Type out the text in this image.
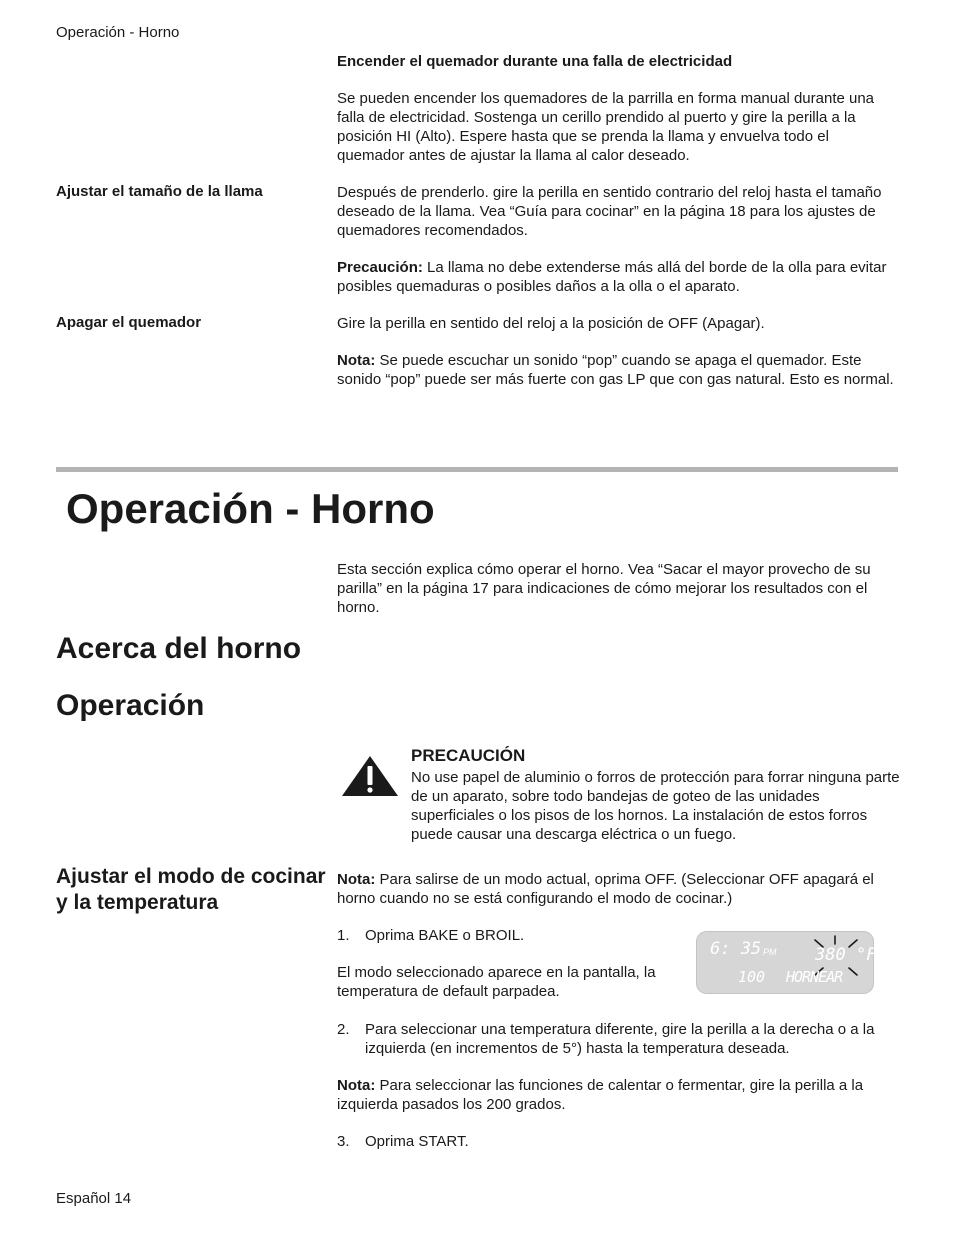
Operación - Horno
Encender el quemador durante una falla de electricidad
Se pueden encender los quemadores de la parrilla en forma manual durante una falla de electricidad. Sostenga un cerillo prendido al puerto y gire la perilla a la posición HI (Alto). Espere hasta que se prenda la llama y envuelva todo el quemador antes de ajustar la llama al calor deseado.
Ajustar el tamaño de la llama	Después de prenderlo. gire la perilla en sentido contrario del reloj hasta el tamaño deseado de la llama. Vea “Guía para cocinar” en la página 18 para los ajustes de quemadores recomendados.
Precaución: La llama no debe extenderse más allá del borde de la olla para evitar posibles quemaduras o posibles daños a la olla o el aparato.
Apagar el quemador	Gire la perilla en sentido del reloj a la posición de OFF (Apagar).
Nota: Se puede escuchar un sonido “pop” cuando se apaga el quemador. Este sonido “pop” puede ser más fuerte con gas LP que con gas natural. Esto es normal.
Operación - Horno
Esta sección explica cómo operar el horno. Vea “Sacar el mayor provecho de su parilla” en la página 17 para indicaciones de cómo mejorar los resultados con el horno.
Acerca del horno
Operación
PRECAUCIÓN
No use papel de aluminio o forros de protección para forrar ninguna parte de un aparato, sobre todo bandejas de goteo de las unidades superficiales o los pisos de los hornos. La instalación de estos forros puede causar una descarga eléctrica o un fuego.
Ajustar el modo de cocinar y la temperatura
Nota: Para salirse de un modo actual, oprima OFF. (Seleccionar OFF apagará el horno cuando no se está configurando el modo de cocinar.)
1. Oprima BAKE o BROIL.
El modo seleccionado aparece en la pantalla, la temperatura de default parpadea.
6: 35 PM 380 °F
100 HORNEAR
2. Para seleccionar una temperatura diferente, gire la perilla a la derecha o a la izquierda (en incrementos de 5°) hasta la temperatura deseada.
Nota: Para seleccionar las funciones de calentar o fermentar, gire la perilla a la izquierda pasados los 200 grados.
3. Oprima START.
Español 14
